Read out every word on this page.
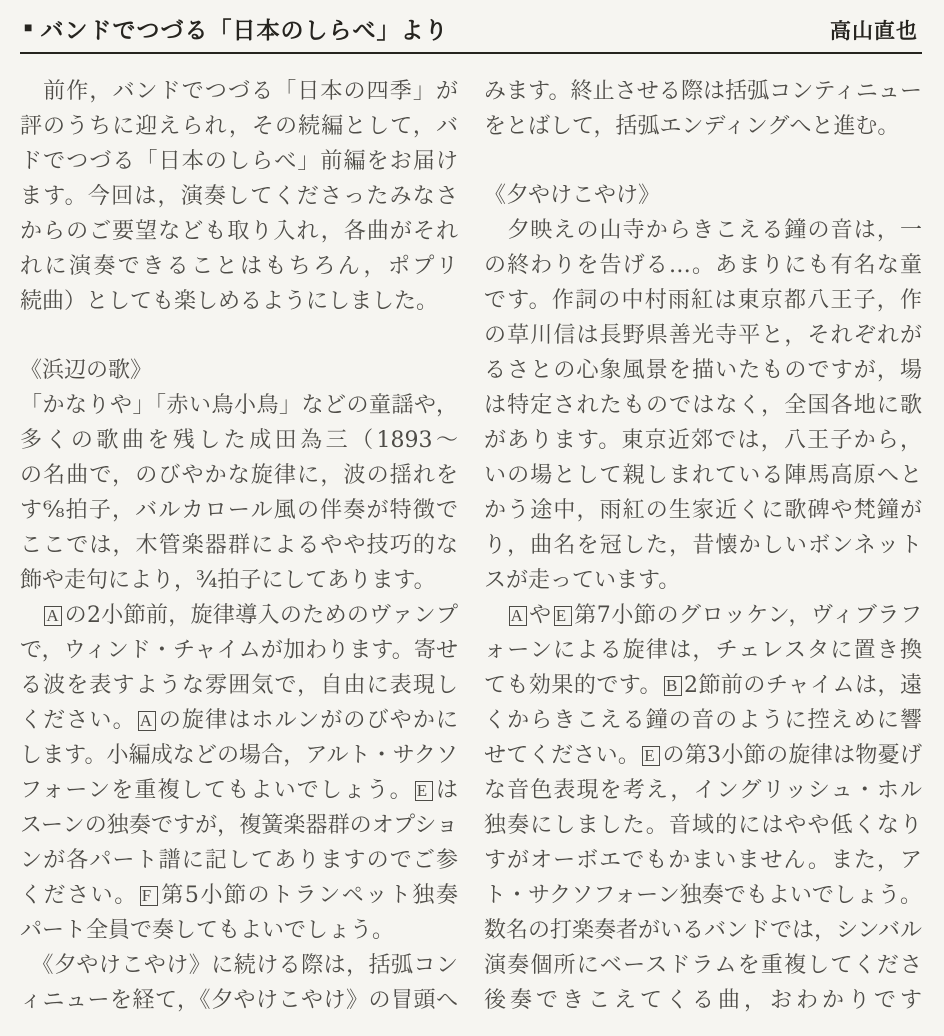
■ バンドでつづる「日本のしらべ」より	高山直也
　前作，バンドでつづる「日本の四季」が
評のうちに迎えられ，その続編として，バ
ドでつづる「日本のしらべ」前編をお届け
ます。今回は，演奏してくださったみなさ
からのご要望なども取り入れ，各曲がそれ
れに演奏できることはもちろん，ポプリ
続曲）としても楽しめるようにしました。
《浜辺の歌》
「かなりや」「赤い鳥小鳥」などの童謡や，
多くの歌曲を残した成田為三（1893～
の名曲で，のびやかな旋律に，波の揺れを
す⁶⁄₈拍子，バルカロール風の伴奏が特徴で
ここでは，木管楽器群によるやや技巧的な
飾や走句により，¾拍子にしてあります。
　A の2小節前，旋律導入のためのヴァンプ
で，ウィンド・チャイムが加わります。寄せ
る波を表すような雰囲気で，自由に表現し
ください。 A の旋律はホルンがのびやかに
します。小編成などの場合，アルト・サクソ
フォーンを重複してもよいでしょう。 E は
スーンの独奏ですが，複簧楽器群のオプショ
ンが各パート譜に記してありますのでご参
ください。 F 第5小節のトランペット独奏
パート全員で奏してもよいでしょう。
　《夕やけこやけ》に続ける際は，括弧コン
ィニューを経て，《夕やけこやけ》の冒頭へ
みます。終止させる際は括弧コンティニュー
をとばして，括弧エンディングへと進む。
《夕やけこやけ》
　夕映えの山寺からきこえる鐘の音は，一
の終わりを告げる…。あまりにも有名な童
です。作詞の中村雨紅は東京都八王子，作
の草川信は長野県善光寺平と，それぞれが
るさとの心象風景を描いたものですが，場
は特定されたものではなく，全国各地に歌
があります。東京近郊では，八王子から，
いの場として親しまれている陣馬高原へと
かう途中，雨紅の生家近くに歌碑や梵鐘が
り，曲名を冠した，昔懐かしいボンネット
スが走っています。
　A や E 第7小節のグロッケン，ヴィブラフ
ォーンによる旋律は，チェレスタに置き換
ても効果的です。 B 2節前のチャイムは，遠
くからきこえる鐘の音のように控えめに響
せてください。 E の第3小節の旋律は物憂げ
な音色表現を考え，イングリッシュ・ホル
独奏にしました。音域的にはやや低くなり
すがオーボエでもかまいません。また，ア
ト・サクソフォーン独奏でもよいでしょう。
数名の打楽奏者がいるバンドでは，シンバル
演奏個所にベースドラムを重複してくださ
後奏できこえてくる曲，おわかりです
